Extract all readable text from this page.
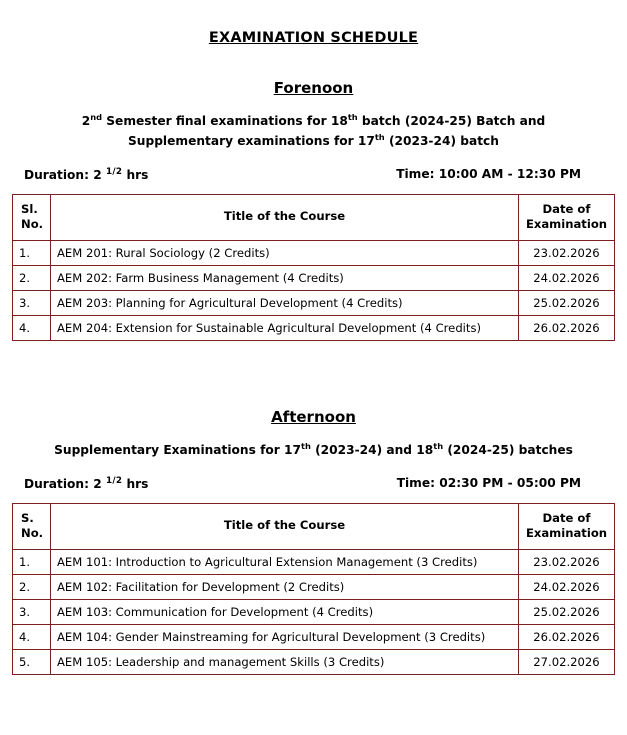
EXAMINATION SCHEDULE
Forenoon
2nd Semester final examinations for 18th batch (2024-25) Batch and
Supplementary examinations for 17th (2023-24) batch
Duration: 2 $^{1/2}$ hrs	Time: 10:00 AM - 12:30 PM
Sl.
No.	Title of the Course	Date of
Examination
1.	AEM 201: Rural Sociology (2 Credits)	23.02.2026
2.	AEM 202: Farm Business Management (4 Credits)	24.02.2026
3.	AEM 203: Planning for Agricultural Development (4 Credits)	25.02.2026
4.	AEM 204: Extension for Sustainable Agricultural Development (4 Credits)	26.02.2026
Afternoon
Supplementary Examinations for 17th (2023-24) and 18th (2024-25) batches
Duration: 2 $^{1/2}$ hrs	Time: 02:30 PM - 05:00 PM
S.
No.	Title of the Course	Date of
Examination
1.	AEM 101: Introduction to Agricultural Extension Management (3 Credits)	23.02.2026
2.	AEM 102: Facilitation for Development (2 Credits)	24.02.2026
3.	AEM 103: Communication for Development (4 Credits)	25.02.2026
4.	AEM 104: Gender Mainstreaming for Agricultural Development (3 Credits)	26.02.2026
5.	AEM 105: Leadership and management Skills (3 Credits)	27.02.2026
